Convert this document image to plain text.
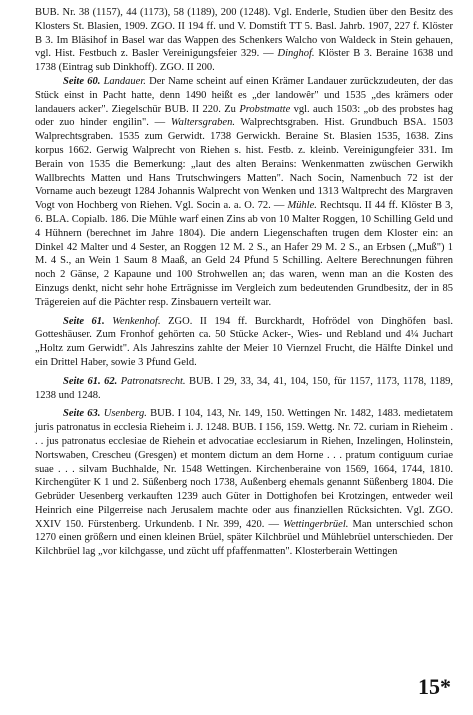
BUB. Nr. 38 (1157), 44 (1173), 58 (1189), 200 (1248). Vgl. Enderle, Studien über den Besitz des Klosters St. Blasien, 1909. ZGO. II 194 ff. und V. Domstift TT 5. Basl. Jahrb. 1907, 227 f. Klöster B 3. Im Bläsihof in Basel war das Wappen des Schenkers Walcho von Waldeck in Stein gehauen, vgl. Hist. Festbuch z. Basler Vereinigungsfeier 329. — Dinghof. Klöster B 3. Beraine 1638 und 1738 (Eintrag sub Dinkhoff). ZGO. II 200.

Seite 60. Landauer. Der Name scheint auf einen Krämer Landauer zurückzudeuten, der das Stück einst in Pacht hatte, denn 1490 heißt es „der landowêr" und 1535 „des krämers oder landauers acker". Ziegelschür BUB. II 220. Zu Probstmatte vgl. auch 1503: „ob des probstes hag oder zuo hinder engilin". — Waltersgraben. Walprechtsgraben. Hist. Grundbuch BSA. 1503 Walprechtsgraben. 1535 zum Gerwidt. 1738 Gerwickh. Beraine St. Blasien 1535, 1638. Zins korpus 1662. Gerwig Walprecht von Riehen s. hist. Festb. z. kleinb. Vereinigungfeier 331. Im Berain von 1535 die Bemerkung: „laut des alten Berains: Wenkenmatten zwüschen Gerwikh Wallbrechts Matten und Hans Trutschwingers Matten". Nach Socin, Namenbuch 72 ist der Vorname auch bezeugt 1284 Johannis Walprecht von Wenken und 1313 Waltprecht des Margraven Vogt von Hochberg von Riehen. Vgl. Socin a. a. O. 72. — Mühle. Rechtsqu. II 44 ff. Klöster B 3, 6. BLA. Copialb. 186. Die Mühle warf einen Zins ab von 10 Malter Roggen, 10 Schilling Geld und 4 Hühnern (berechnet im Jahre 1804). Die andern Liegenschaften trugen dem Kloster ein: an Dinkel 42 Malter und 4 Sester, an Roggen 12 M. 2 S., an Hafer 29 M. 2 S., an Erbsen („Muß") 1 M. 4 S., an Wein 1 Saum 8 Maaß, an Geld 24 Pfund 5 Schilling. Aeltere Berechnungen führen noch 2 Gänse, 2 Kapaune und 100 Strohwellen an; das waren, wenn man an die Kosten des Einzugs denkt, nicht sehr hohe Erträgnisse im Vergleich zum bedeutenden Grundbesitz, der in 85 Trägereien auf die Pächter resp. Zinsbauern verteilt war.

Seite 61. Wenkenhof. ZGO. II 194 ff. Burckhardt, Hofrödel von Dinghöfen basl. Gotteshäuser. Zum Fronhof gehörten ca. 50 Stücke Acker-, Wies- und Rebland und 4¼ Juchart „Holtz zum Gerwidt". Als Jahreszins zahlte der Meier 10 Viernzel Frucht, die Hälfte Dinkel und ein Drittel Haber, sowie 3 Pfund Geld.

Seite 61. 62. Patronatsrecht. BUB. I 29, 33, 34, 41, 104, 150, für 1157, 1173, 1178, 1189, 1238 und 1248.

Seite 63. Usenberg. BUB. I 104, 143, Nr. 149, 150. Wettingen Nr. 1482, 1483. medietatem juris patronatus in ecclesia Rieheim i. J. 1248. BUB. I 156, 159. Wettg. Nr. 72. curiam in Rieheim . . . jus patronatus ecclesiae de Riehein et advocatiae ecclesiarum in Riehen, Inzelingen, Holinstein, Nortswaben, Crescheu (Gresgen) et montem dictum an dem Horne . . . pratum contiguum curiae suae . . . silvam Buchhalde, Nr. 1548 Wettingen. Kirchenberaine von 1569, 1664, 1744, 1810. Kirchengüter K 1 und 2. Süßenberg noch 1738, Außenberg ehemals genannt Süßenberg 1804. Die Gebrüder Uesenberg verkauften 1239 auch Güter in Dottighofen bei Krotzingen, entweder weil Heinrich eine Pilgerreise nach Jerusalem machte oder aus finanziellen Rücksichten. Vgl. ZGO. XXIV 150. Fürstenberg. Urkundenb. I Nr. 399, 420. — Wettingerbrüel. Man unterschied schon 1270 einen größern und einen kleinen Brüel, später Kilchbrüel und Mühlebrüel unterschieden. Der Kilchbrüel lag „vor kilchgasse, und zücht uff pfaffenmatten". Klosterberain Wettingen

15*
